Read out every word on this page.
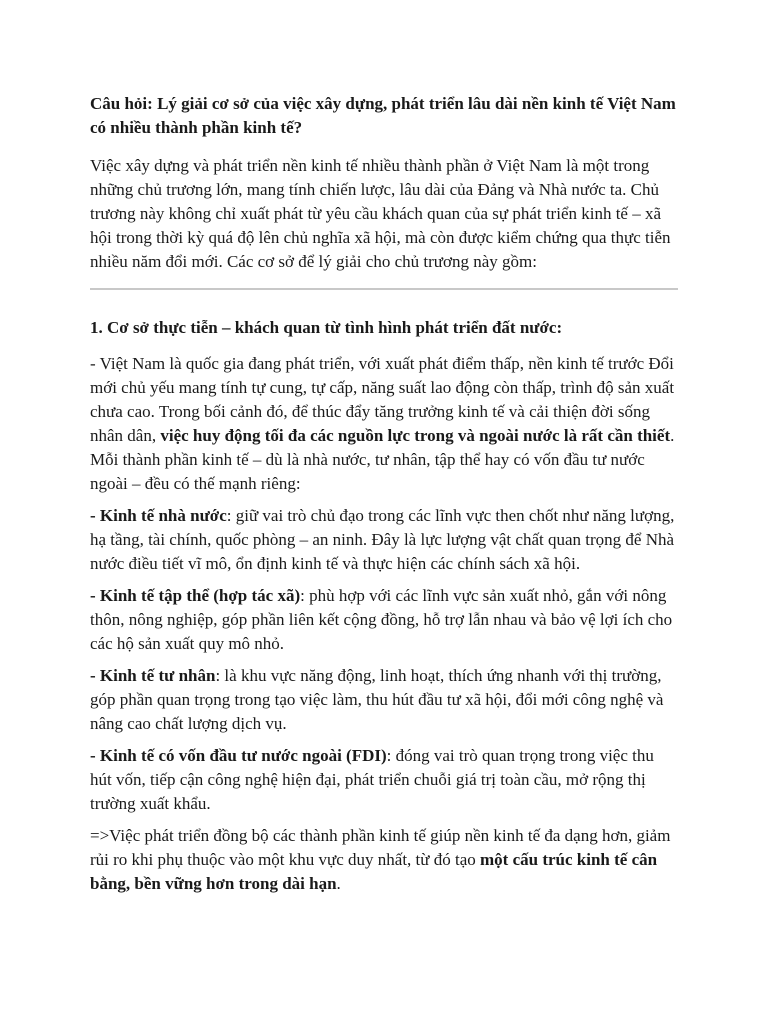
Câu hỏi: Lý giải cơ sở của việc xây dựng, phát triển lâu dài nền kinh tế Việt Nam có nhiều thành phần kinh tế?

Việc xây dựng và phát triển nền kinh tế nhiều thành phần ở Việt Nam là một trong những chủ trương lớn, mang tính chiến lược, lâu dài của Đảng và Nhà nước ta. Chủ trương này không chỉ xuất phát từ yêu cầu khách quan của sự phát triển kinh tế – xã hội trong thời kỳ quá độ lên chủ nghĩa xã hội, mà còn được kiểm chứng qua thực tiễn nhiều năm đổi mới. Các cơ sở để lý giải cho chủ trương này gồm:

1. Cơ sở thực tiễn – khách quan từ tình hình phát triển đất nước:

- Việt Nam là quốc gia đang phát triển, với xuất phát điểm thấp, nền kinh tế trước Đổi mới chủ yếu mang tính tự cung, tự cấp, năng suất lao động còn thấp, trình độ sản xuất chưa cao. Trong bối cảnh đó, để thúc đẩy tăng trưởng kinh tế và cải thiện đời sống nhân dân, việc huy động tối đa các nguồn lực trong và ngoài nước là rất cần thiết. Mỗi thành phần kinh tế – dù là nhà nước, tư nhân, tập thể hay có vốn đầu tư nước ngoài – đều có thế mạnh riêng:

- Kinh tế nhà nước: giữ vai trò chủ đạo trong các lĩnh vực then chốt như năng lượng, hạ tầng, tài chính, quốc phòng – an ninh. Đây là lực lượng vật chất quan trọng để Nhà nước điều tiết vĩ mô, ổn định kinh tế và thực hiện các chính sách xã hội.

- Kinh tế tập thể (hợp tác xã): phù hợp với các lĩnh vực sản xuất nhỏ, gắn với nông thôn, nông nghiệp, góp phần liên kết cộng đồng, hỗ trợ lẫn nhau và bảo vệ lợi ích cho các hộ sản xuất quy mô nhỏ.

- Kinh tế tư nhân: là khu vực năng động, linh hoạt, thích ứng nhanh với thị trường, góp phần quan trọng trong tạo việc làm, thu hút đầu tư xã hội, đổi mới công nghệ và nâng cao chất lượng dịch vụ.

- Kinh tế có vốn đầu tư nước ngoài (FDI): đóng vai trò quan trọng trong việc thu hút vốn, tiếp cận công nghệ hiện đại, phát triển chuỗi giá trị toàn cầu, mở rộng thị trường xuất khẩu.

=>Việc phát triển đồng bộ các thành phần kinh tế giúp nền kinh tế đa dạng hơn, giảm rủi ro khi phụ thuộc vào một khu vực duy nhất, từ đó tạo một cấu trúc kinh tế cân bằng, bền vững hơn trong dài hạn.
